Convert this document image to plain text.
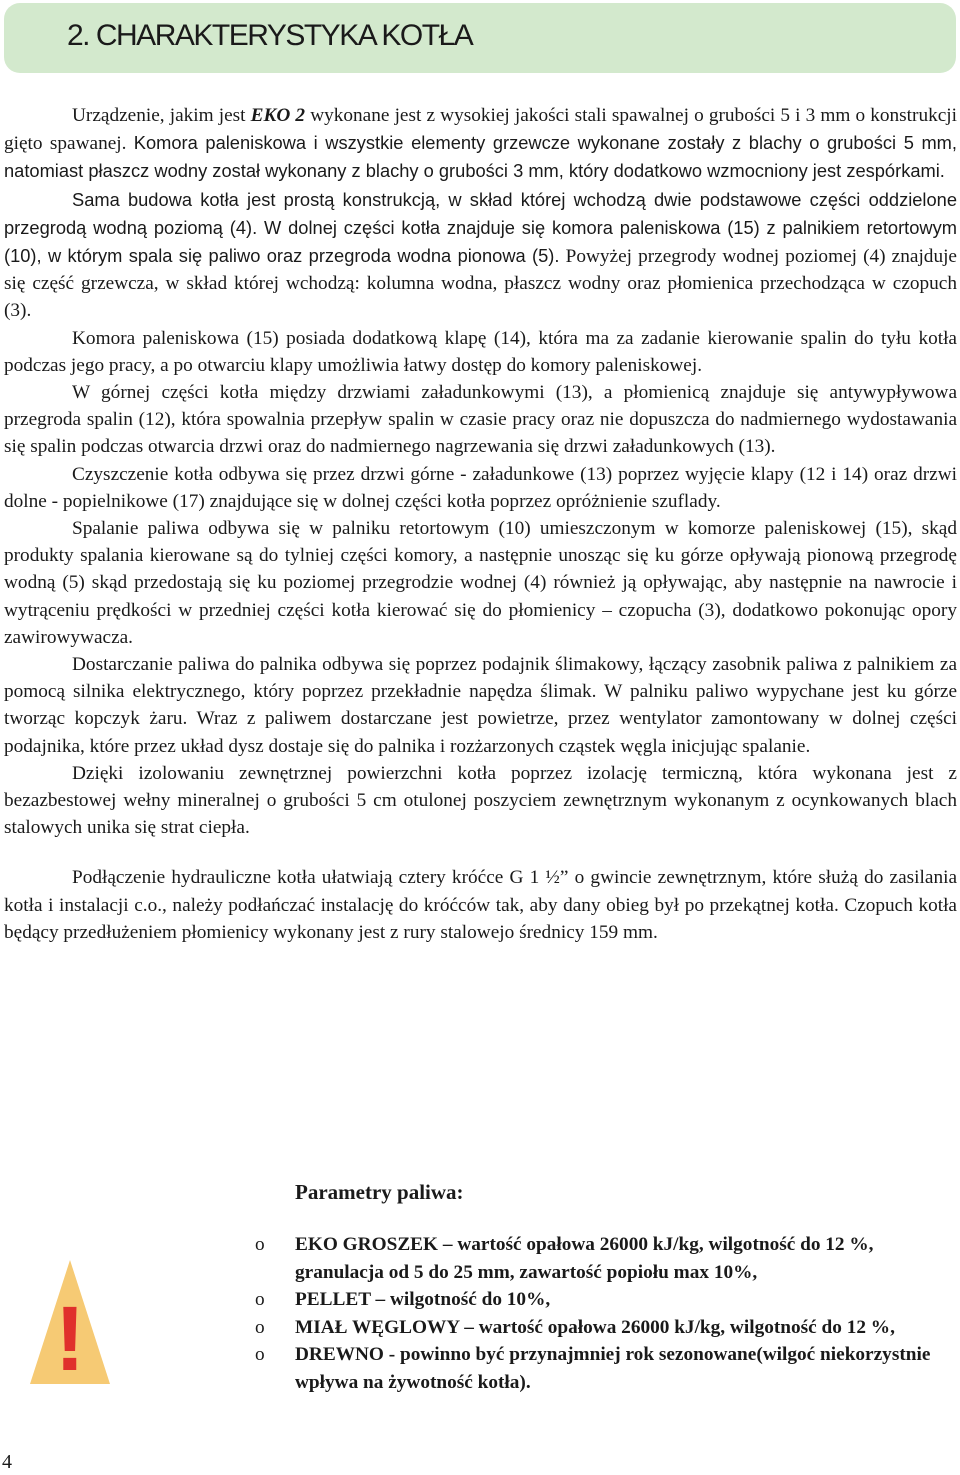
2. CHARAKTERYSTYKA KOTŁA

Urządzenie, jakim jest EKO 2 wykonane jest z wysokiej jakości stali spawalnej o grubości 5 i 3 mm o konstrukcji gięto spawanej. Komora paleniskowa i wszystkie elementy grzewcze wykonane zostały z blachy o grubości 5 mm, natomiast płaszcz wodny został wykonany z blachy o grubości 3 mm, który dodatkowo wzmocniony jest zespórkami.

Sama budowa kotła jest prostą konstrukcją, w skład której wchodzą dwie podstawowe części oddzielone przegrodą wodną poziomą (4). W dolnej części kotła znajduje się komora paleniskowa (15) z palnikiem retortowym (10), w którym spala się paliwo oraz przegroda wodna pionowa (5). Powyżej przegrody wodnej poziomej (4) znajduje się część grzewcza, w skład której wchodzą: kolumna wodna, płaszcz wodny oraz płomienica przechodząca w czopuch (3).

Komora paleniskowa (15) posiada dodatkową klapę (14), która ma za zadanie kierowanie spalin do tyłu kotła podczas jego pracy, a po otwarciu klapy umożliwia łatwy dostęp do komory paleniskowej.

W górnej części kotła między drzwiami załadunkowymi (13), a płomienicą znajduje się antywypływowa przegroda spalin (12), która spowalnia przepływ spalin w czasie pracy oraz nie dopuszcza do nadmiernego wydostawania się spalin podczas otwarcia drzwi oraz do nadmiernego nagrzewania się drzwi załadunkowych (13).

Czyszczenie kotła odbywa się przez drzwi górne - załadunkowe (13) poprzez wyjęcie klapy (12 i 14) oraz drzwi dolne - popielnikowe (17) znajdujące się w dolnej części kotła poprzez opróżnienie szuflady.

Spalanie paliwa odbywa się w palniku retortowym (10) umieszczonym w komorze paleniskowej (15), skąd produkty spalania kierowane są do tylniej części komory, a następnie unosząc się ku górze opływają pionową przegrodę wodną (5) skąd przedostają się ku poziomej przegrodzie wodnej (4) również ją opływając, aby następnie na nawrocie i wytrąceniu prędkości w przedniej części kotła kierować się do płomienicy – czopucha (3), dodatkowo pokonując opory zawirowywacza.

Dostarczanie paliwa do palnika odbywa się poprzez podajnik ślimakowy, łączący zasobnik paliwa z palnikiem za pomocą silnika elektrycznego, który poprzez przekładnie napędza ślimak. W palniku paliwo wypychane jest ku górze tworząc kopczyk żaru. Wraz z paliwem dostarczane jest powietrze, przez wentylator zamontowany w dolnej części podajnika, które przez układ dysz dostaje się do palnika i rozżarzonych cząstek węgla inicjując spalanie.

Dzięki izolowaniu zewnętrznej powierzchni kotła poprzez izolację termiczną, która wykonana jest z bezazbestowej wełny mineralnej o grubości 5 cm otulonej poszyciem zewnętrznym wykonanym z ocynkowanych blach stalowych unika się strat ciepła.

Podłączenie hydrauliczne kotła ułatwiają cztery króćce G 1 ½” o gwincie zewnętrznym, które służą do zasilania kotła i instalacji c.o., należy podłańczać instalację do króćców tak, aby dany obieg był po przekątnej kotła. Czopuch kotła będący przedłużeniem płomienicy wykonany jest z rury stalowejo średnicy 159 mm.

!

Parametry paliwa:

o EKO GROSZEK – wartość opałowa 26000 kJ/kg, wilgotność do 12 %, granulacja od 5 do 25 mm, zawartość popiołu max 10%,
o PELLET – wilgotność do 10%,
o MIAŁ WĘGLOWY – wartość opałowa 26000 kJ/kg, wilgotność do 12 %,
o DREWNO - powinno być przynajmniej rok sezonowane(wilgoć niekorzystnie wpływa na żywotność kotła).
4
